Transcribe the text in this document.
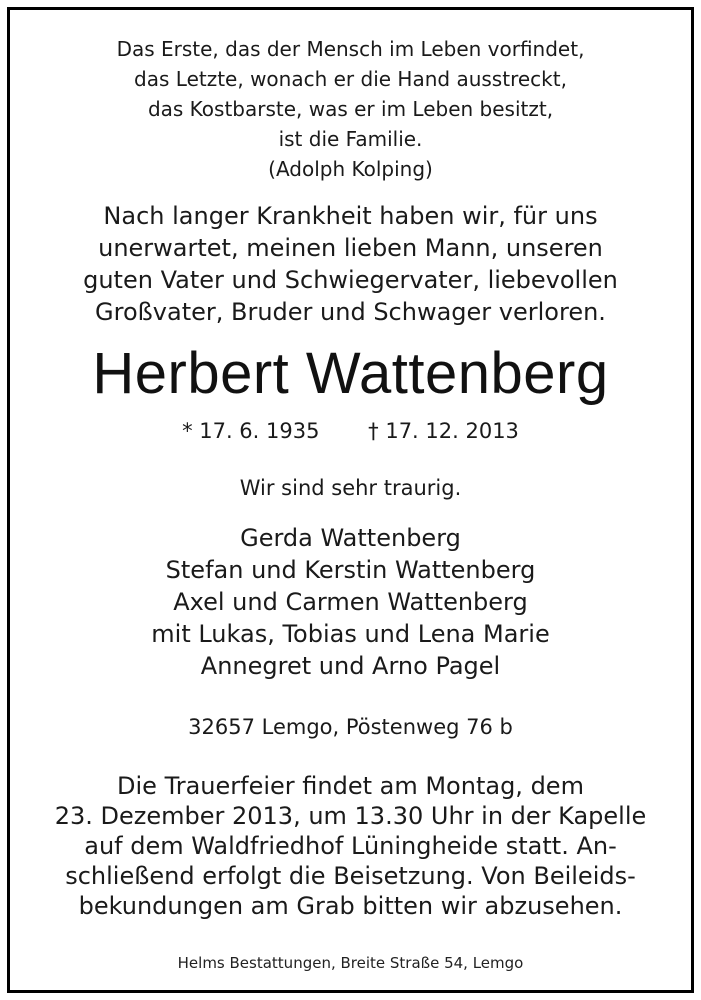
Das Erste, das der Mensch im Leben vorfindet,
das Letzte, wonach er die Hand ausstreckt,
das Kostbarste, was er im Leben besitzt,
ist die Familie.
(Adolph Kolping)
Nach langer Krankheit haben wir, für uns
unerwartet, meinen lieben Mann, unseren
guten Vater und Schwiegervater, liebevollen
Großvater, Bruder und Schwager verloren.
Herbert Wattenberg
* 17. 6. 1935 † 17. 12. 2013
Wir sind sehr traurig.
Gerda Wattenberg
Stefan und Kerstin Wattenberg
Axel und Carmen Wattenberg
mit Lukas, Tobias und Lena Marie
Annegret und Arno Pagel
32657 Lemgo, Pöstenweg 76 b
Die Trauerfeier findet am Montag, dem
23. Dezember 2013, um 13.30 Uhr in der Kapelle
auf dem Waldfriedhof Lüningheide statt. An-
schließend erfolgt die Beisetzung. Von Beileids-
bekundungen am Grab bitten wir abzusehen.
Helms Bestattungen, Breite Straße 54, Lemgo
